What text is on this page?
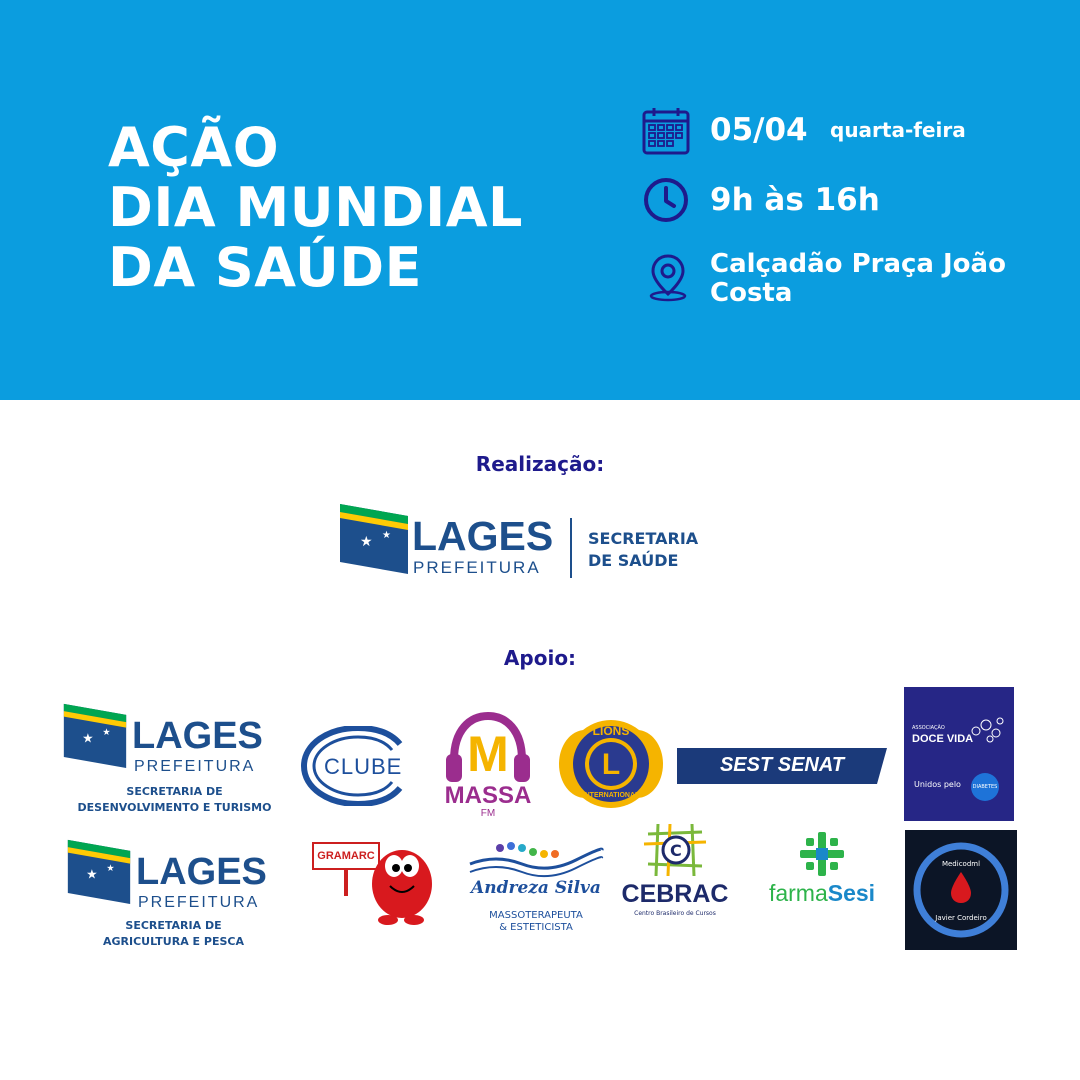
AÇÃO
DIA MUNDIAL
DA SAÚDE
05/04 quarta-feira
9h às 16h
Calçadão Praça João
Costa
Realização:
★ ★ LAGES
PREFEITURA
SECRETARIA
DE SAÚDE
Apoio:
★ ★ LAGES
PREFEITURA
SECRETARIA DE
DESENVOLVIMENTO E TURISMO
★ ★ LAGES
PREFEITURA
SECRETARIA DE
AGRICULTURA E PESCA
CLUBE M
MASSA
FM
LIONS
L
INTERNATIONAL
SEST SENAT
ASSOCIAÇÃO
DOCE VIDA
Unidos pelo	DIABETES
GRAMARC
Andreza Silva
MASSOTERAPEUTA
& ESTETICISTA
C
CEBRAC
Centro Brasileiro de Cursos
farmaSesi
Medicodml
Javier Cordeiro
